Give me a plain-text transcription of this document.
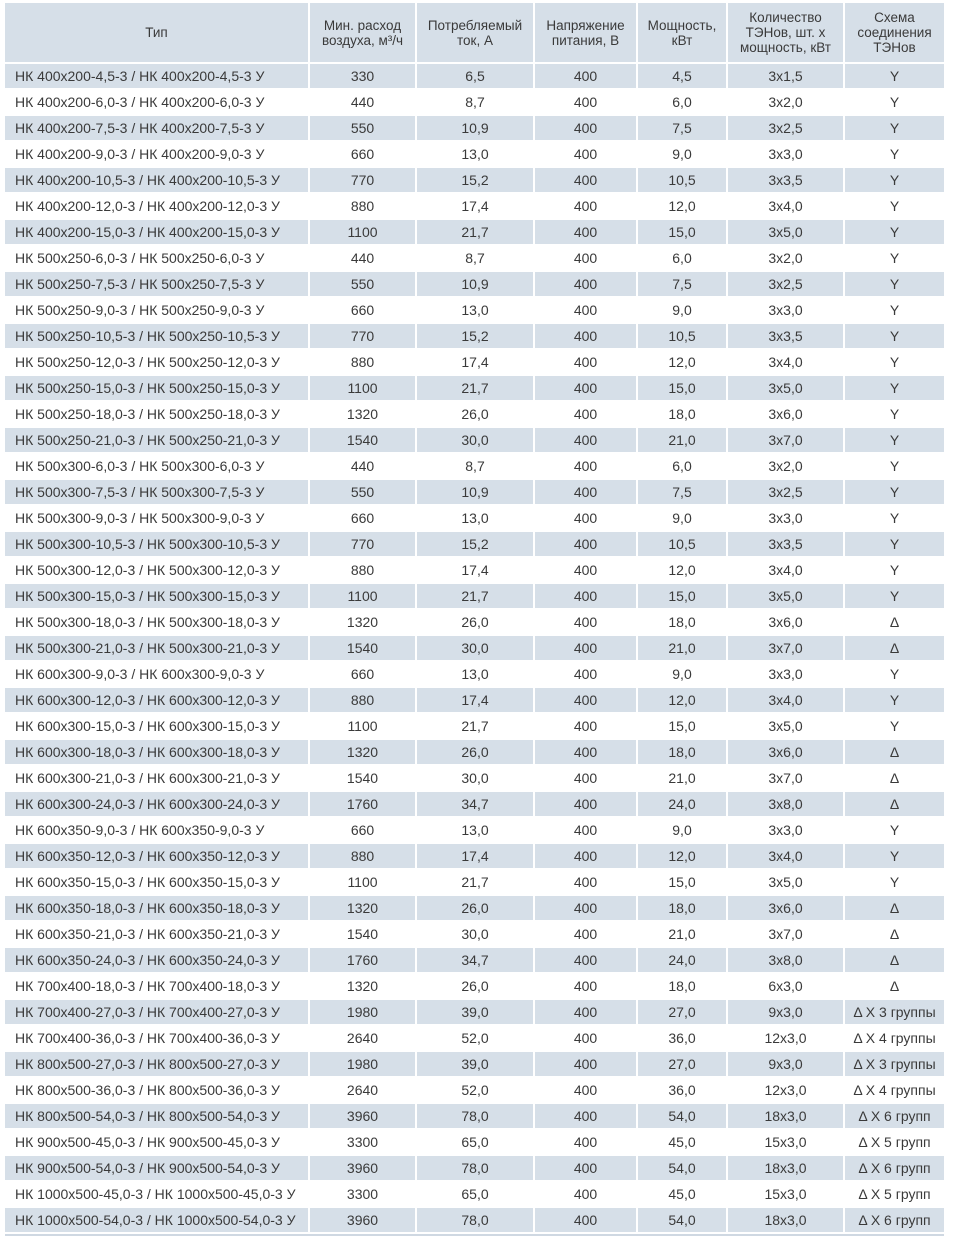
Тип	Мин. расход воздуха, м³/ч	Потребляемый ток, А	Напряжение питания, В	Мощность, кВт	Количество ТЭНов, шт. x мощность, кВт	Схема соединения ТЭНов
НК 400x200-4,5-3 / НК 400x200-4,5-3 У	330	6,5	400	4,5	3x1,5	Y
НК 400x200-6,0-3 / НК 400x200-6,0-3 У	440	8,7	400	6,0	3x2,0	Y
НК 400x200-7,5-3 / НК 400x200-7,5-3 У	550	10,9	400	7,5	3x2,5	Y
НК 400x200-9,0-3 / НК 400x200-9,0-3 У	660	13,0	400	9,0	3x3,0	Y
НК 400x200-10,5-3 / НК 400x200-10,5-3 У	770	15,2	400	10,5	3x3,5	Y
НК 400x200-12,0-3 / НК 400x200-12,0-3 У	880	17,4	400	12,0	3x4,0	Y
НК 400x200-15,0-3 / НК 400x200-15,0-3 У	1100	21,7	400	15,0	3x5,0	Y
НК 500x250-6,0-3 / НК 500x250-6,0-3 У	440	8,7	400	6,0	3x2,0	Y
НК 500x250-7,5-3 / НК 500x250-7,5-3 У	550	10,9	400	7,5	3x2,5	Y
НК 500x250-9,0-3 / НК 500x250-9,0-3 У	660	13,0	400	9,0	3x3,0	Y
НК 500x250-10,5-3 / НК 500x250-10,5-3 У	770	15,2	400	10,5	3x3,5	Y
НК 500x250-12,0-3 / НК 500x250-12,0-3 У	880	17,4	400	12,0	3x4,0	Y
НК 500x250-15,0-3 / НК 500x250-15,0-3 У	1100	21,7	400	15,0	3x5,0	Y
НК 500x250-18,0-3 / НК 500x250-18,0-3 У	1320	26,0	400	18,0	3x6,0	Y
НК 500x250-21,0-3 / НК 500x250-21,0-3 У	1540	30,0	400	21,0	3x7,0	Y
НК 500x300-6,0-3 / НК 500x300-6,0-3 У	440	8,7	400	6,0	3x2,0	Y
НК 500x300-7,5-3 / НК 500x300-7,5-3 У	550	10,9	400	7,5	3x2,5	Y
НК 500x300-9,0-3 / НК 500x300-9,0-3 У	660	13,0	400	9,0	3x3,0	Y
НК 500x300-10,5-3 / НК 500x300-10,5-3 У	770	15,2	400	10,5	3x3,5	Y
НК 500x300-12,0-3 / НК 500x300-12,0-3 У	880	17,4	400	12,0	3x4,0	Y
НК 500x300-15,0-3 / НК 500x300-15,0-3 У	1100	21,7	400	15,0	3x5,0	Y
НК 500x300-18,0-3 / НК 500x300-18,0-3 У	1320	26,0	400	18,0	3x6,0	Δ
НК 500x300-21,0-3 / НК 500x300-21,0-3 У	1540	30,0	400	21,0	3x7,0	Δ
НК 600x300-9,0-3 / НК 600x300-9,0-3 У	660	13,0	400	9,0	3x3,0	Y
НК 600x300-12,0-3 / НК 600x300-12,0-3 У	880	17,4	400	12,0	3x4,0	Y
НК 600x300-15,0-3 / НК 600x300-15,0-3 У	1100	21,7	400	15,0	3x5,0	Y
НК 600x300-18,0-3 / НК 600x300-18,0-3 У	1320	26,0	400	18,0	3x6,0	Δ
НК 600x300-21,0-3 / НК 600x300-21,0-3 У	1540	30,0	400	21,0	3x7,0	Δ
НК 600x300-24,0-3 / НК 600x300-24,0-3 У	1760	34,7	400	24,0	3x8,0	Δ
НК 600x350-9,0-3 / НК 600x350-9,0-3 У	660	13,0	400	9,0	3x3,0	Y
НК 600x350-12,0-3 / НК 600x350-12,0-3 У	880	17,4	400	12,0	3x4,0	Y
НК 600x350-15,0-3 / НК 600x350-15,0-3 У	1100	21,7	400	15,0	3x5,0	Y
НК 600x350-18,0-3 / НК 600x350-18,0-3 У	1320	26,0	400	18,0	3x6,0	Δ
НК 600x350-21,0-3 / НК 600x350-21,0-3 У	1540	30,0	400	21,0	3x7,0	Δ
НК 600x350-24,0-3 / НК 600x350-24,0-3 У	1760	34,7	400	24,0	3x8,0	Δ
НК 700x400-18,0-3 / НК 700x400-18,0-3 У	1320	26,0	400	18,0	6x3,0	Δ
НК 700x400-27,0-3 / НК 700x400-27,0-3 У	1980	39,0	400	27,0	9x3,0	Δ X 3 группы
НК 700x400-36,0-3 / НК 700x400-36,0-3 У	2640	52,0	400	36,0	12x3,0	Δ X 4 группы
НК 800x500-27,0-3 / НК 800x500-27,0-3 У	1980	39,0	400	27,0	9x3,0	Δ X 3 группы
НК 800x500-36,0-3 / НК 800x500-36,0-3 У	2640	52,0	400	36,0	12x3,0	Δ X 4 группы
НК 800x500-54,0-3 / НК 800x500-54,0-3 У	3960	78,0	400	54,0	18x3,0	Δ X 6 групп
НК 900x500-45,0-3 / НК 900x500-45,0-3 У	3300	65,0	400	45,0	15x3,0	Δ X 5 групп
НК 900x500-54,0-3 / НК 900x500-54,0-3 У	3960	78,0	400	54,0	18x3,0	Δ X 6 групп
НК 1000x500-45,0-3 / НК 1000x500-45,0-3 У	3300	65,0	400	45,0	15x3,0	Δ X 5 групп
НК 1000x500-54,0-3 / НК 1000x500-54,0-3 У	3960	78,0	400	54,0	18x3,0	Δ X 6 групп
